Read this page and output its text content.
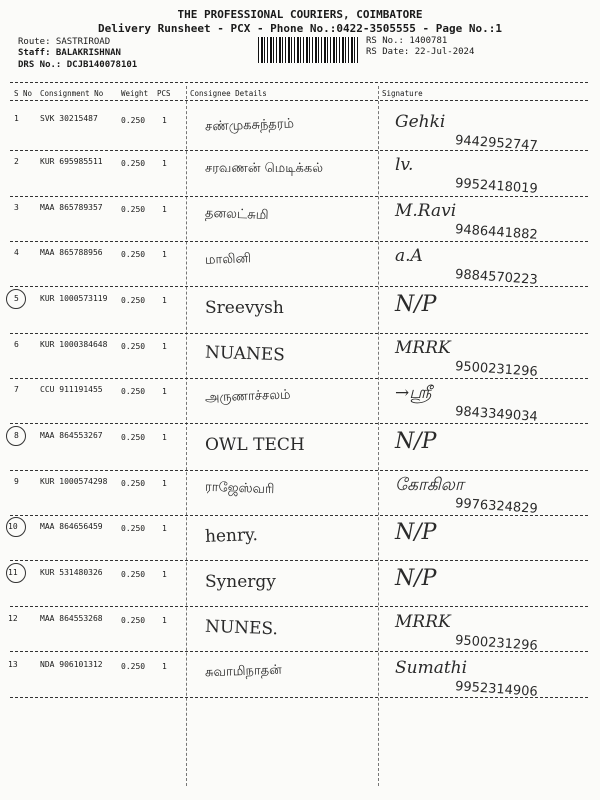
THE PROFESSIONAL COURIERS, COIMBATORE
Delivery Runsheet - PCX - Phone No.:0422-3505555 - Page No.:1
Route: SASTRIROAD
Staff: BALAKRISHNAN
DRS No.: DCJB140078101
RS No.: 1400781
RS Date: 22-Jul-2024
S No Consignment No Weight PCS	Consignee Details	Signature
1	SVK 30215487	0.250 1	சண்முகசுந்தரம்	Gehki
9442952747
2	KUR 695985511 0.250 1	சரவணன் மெடிக்கல்	lv.
9952418019
3	MAA 865789357 0.250 1	தனலட்சுமி	M.Ravi
9486441882
4	MAA 865788956 0.250 1	மாலினி	a.A
9884570223
5	KUR 1000573119 0.250 1 Sreevysh	N/P
6	KUR 1000384648 0.250 1 NUANES	MRRK
9500231296
7	CCU 911191455 0.250 1	அருணாச்சலம்	→ஸ்ரீ
9843349034
8	MAA 864553267 0.250 1 OWL TECH	N/P
9	KUR 1000574298 0.250 1	ராஜேஸ்வரி	கோகிலா
9976324829
10	MAA 864656459 0.250 1 henry.	N/P
11	KUR 531480326 0.250 1 Synergy	N/P
12	MAA 864553268 0.250 1 NUNES.	MRRK
9500231296
13	NDA 906101312 0.250 1	சுவாமிநாதன்	Sumathi
9952314906
